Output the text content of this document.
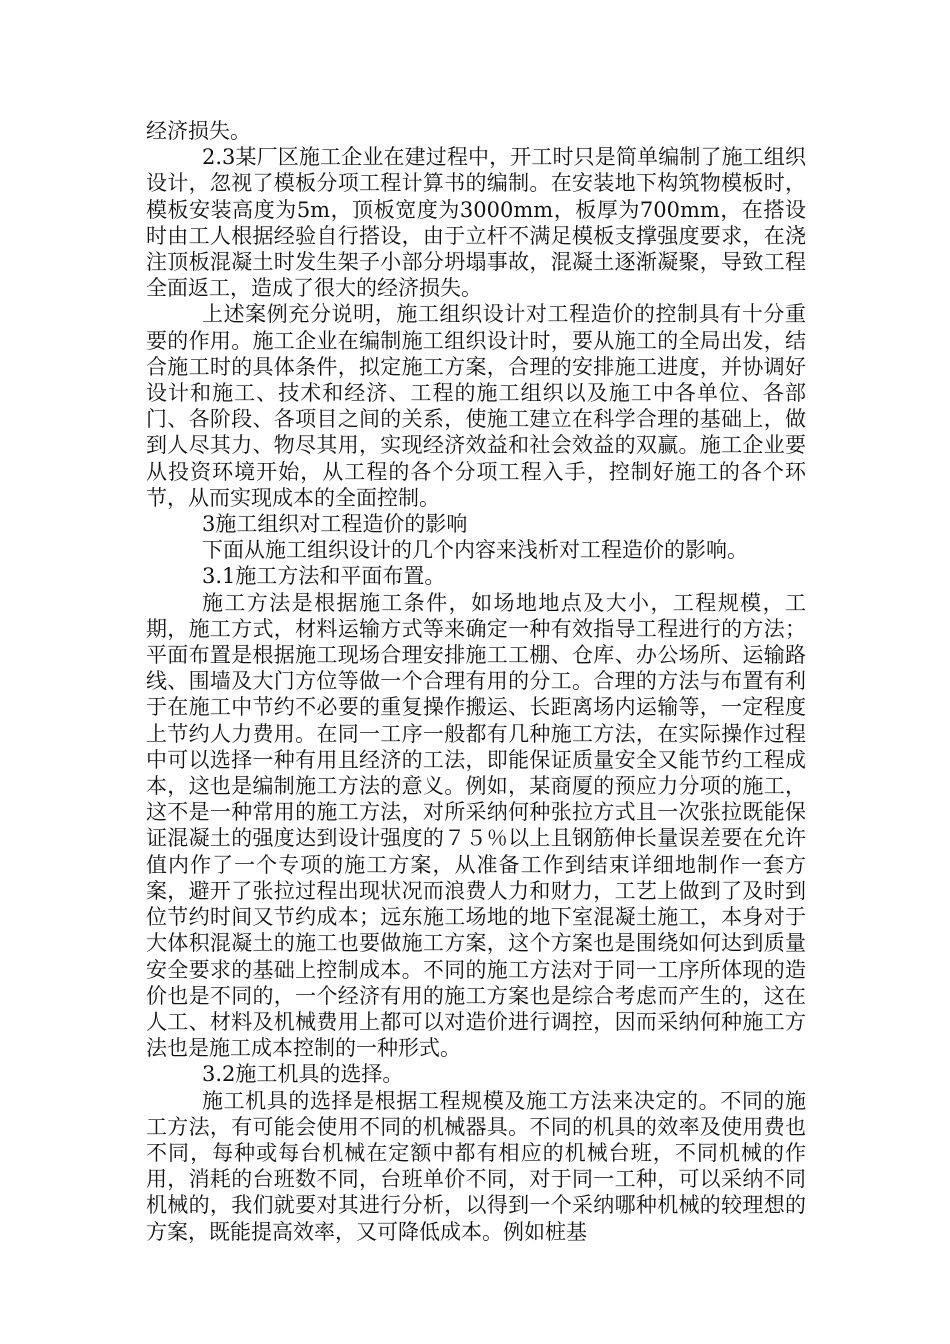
经济损失。

2.3某厂区施工企业在建过程中，开工时只是简单编制了施工组织设计，忽视了模板分项工程计算书的编制。在安装地下构筑物模板时，模板安装高度为5m，顶板宽度为3000mm，板厚为700mm，在搭设时由工人根据经验自行搭设，由于立杆不满足模板支撑强度要求，在浇注顶板混凝土时发生架子小部分坍塌事故，混凝土逐渐凝聚，导致工程全面返工，造成了很大的经济损失。

上述案例充分说明，施工组织设计对工程造价的控制具有十分重要的作用。施工企业在编制施工组织设计时，要从施工的全局出发，结合施工时的具体条件，拟定施工方案，合理的安排施工进度，并协调好设计和施工、技术和经济、工程的施工组织以及施工中各单位、各部门、各阶段、各项目之间的关系，使施工建立在科学合理的基础上，做到人尽其力、物尽其用，实现经济效益和社会效益的双赢。施工企业要从投资环境开始，从工程的各个分项工程入手，控制好施工的各个环节，从而实现成本的全面控制。

3施工组织对工程造价的影响

下面从施工组织设计的几个内容来浅析对工程造价的影响。

3.1施工方法和平面布置。

施工方法是根据施工条件，如场地地点及大小，工程规模，工期，施工方式，材料运输方式等来确定一种有效指导工程进行的方法；平面布置是根据施工现场合理安排施工工棚、仓库、办公场所、运输路线、围墙及大门方位等做一个合理有用的分工。合理的方法与布置有利于在施工中节约不必要的重复操作搬运、长距离场内运输等，一定程度上节约人力费用。在同一工序一般都有几种施工方法，在实际操作过程中可以选择一种有用且经济的工法，即能保证质量安全又能节约工程成本，这也是编制施工方法的意义。例如，某商厦的预应力分项的施工，这不是一种常用的施工方法，对所采纳何种张拉方式且一次张拉既能保证混凝土的强度达到设计强度的７５％以上且钢筋伸长量误差要在允许值内作了一个专项的施工方案，从准备工作到结束详细地制作一套方案，避开了张拉过程出现状况而浪费人力和财力，工艺上做到了及时到位节约时间又节约成本；远东施工场地的地下室混凝土施工，本身对于大体积混凝土的施工也要做施工方案，这个方案也是围绕如何达到质量安全要求的基础上控制成本。不同的施工方法对于同一工序所体现的造价也是不同的，一个经济有用的施工方案也是综合考虑而产生的，这在人工、材料及机械费用上都可以对造价进行调控，因而采纳何种施工方法也是施工成本控制的一种形式。

3.2施工机具的选择。

施工机具的选择是根据工程规模及施工方法来决定的。不同的施工方法，有可能会使用不同的机械器具。不同的机具的效率及使用费也不同，每种或每台机械在定额中都有相应的机械台班，不同机械的作用，消耗的台班数不同，台班单价不同，对于同一工种，可以采纳不同机械的，我们就要对其进行分析，以得到一个采纳哪种机械的较理想的方案，既能提高效率，又可降低成本。例如桩基
